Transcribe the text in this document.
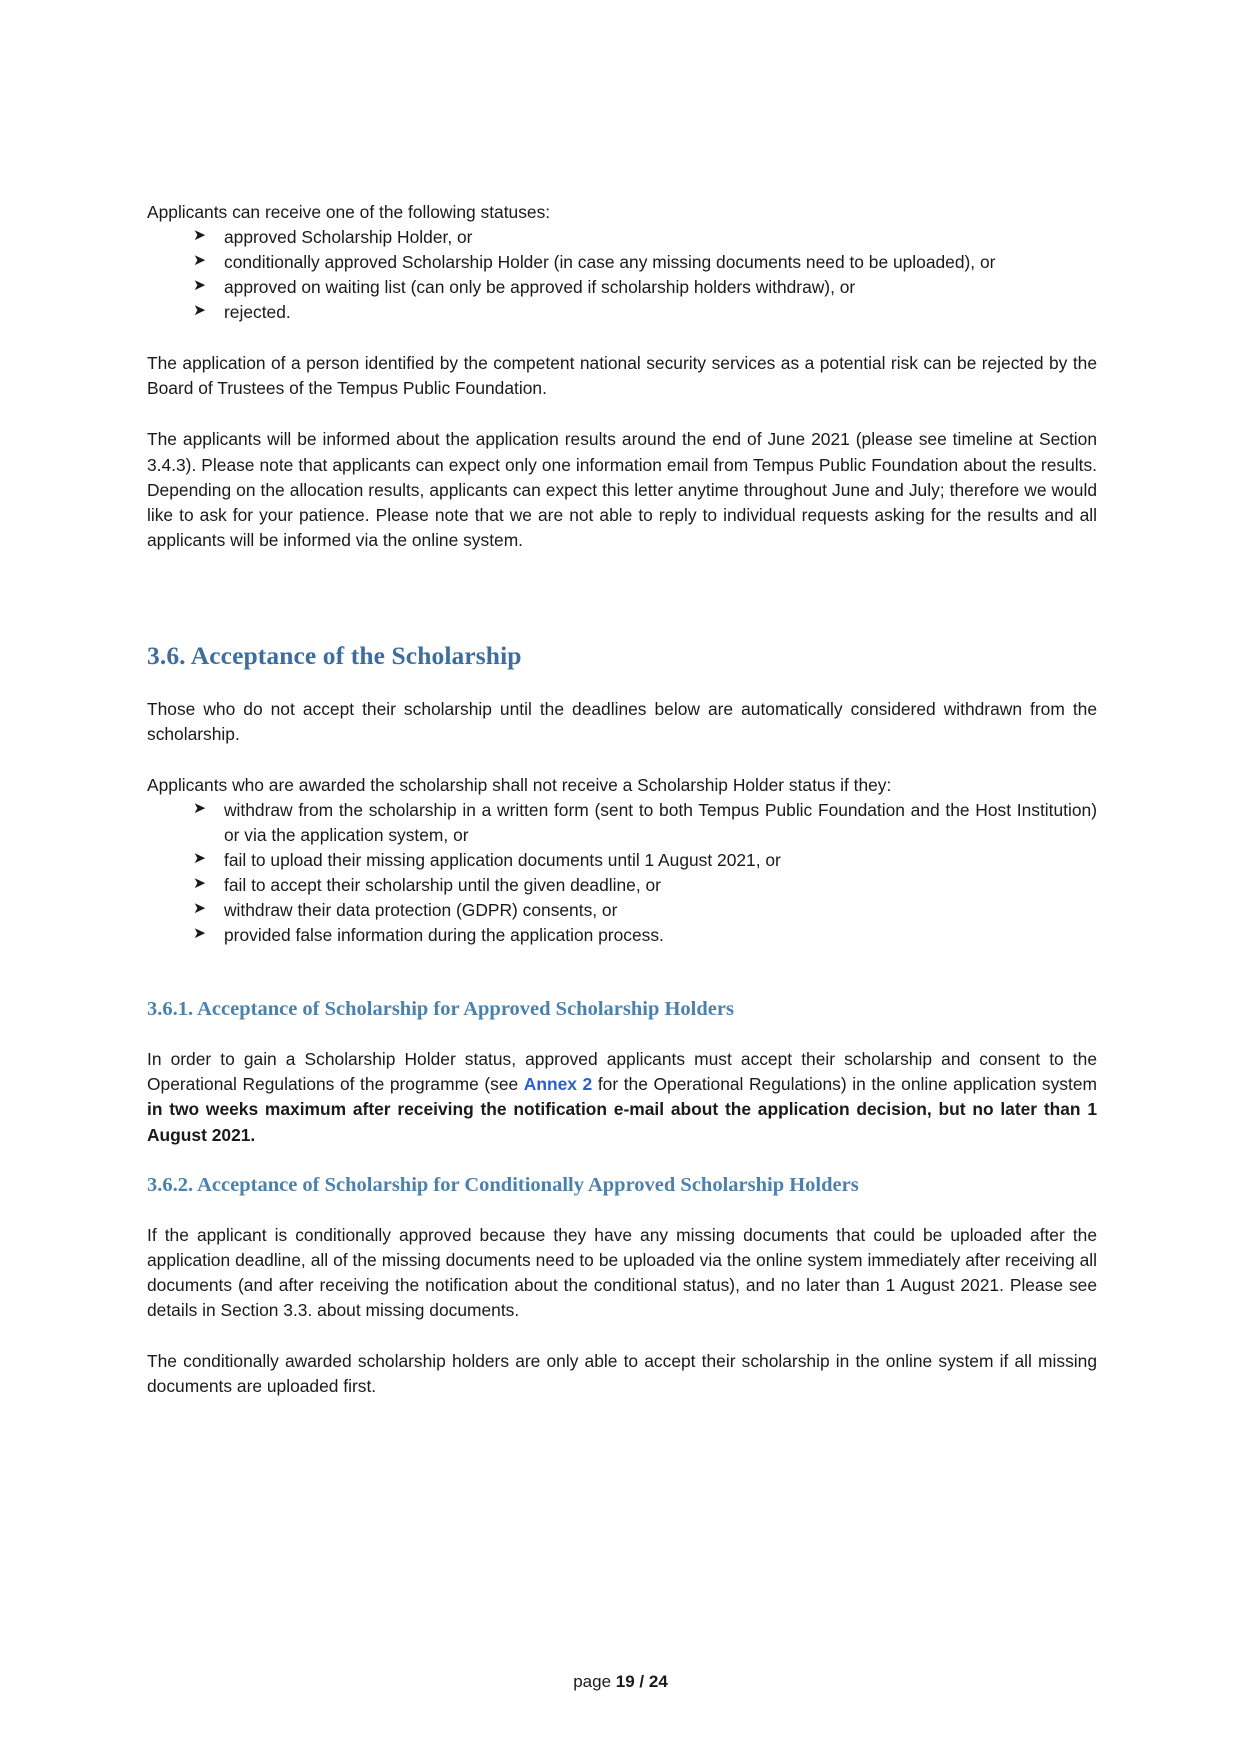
Applicants can receive one of the following statuses:

➤ approved Scholarship Holder, or
➤ conditionally approved Scholarship Holder (in case any missing documents need to be uploaded), or
➤ approved on waiting list (can only be approved if scholarship holders withdraw), or
➤ rejected.

The application of a person identified by the competent national security services as a potential risk can be rejected by the Board of Trustees of the Tempus Public Foundation.

The applicants will be informed about the application results around the end of June 2021 (please see timeline at Section 3.4.3). Please note that applicants can expect only one information email from Tempus Public Foundation about the results. Depending on the allocation results, applicants can expect this letter anytime throughout June and July; therefore we would like to ask for your patience. Please note that we are not able to reply to individual requests asking for the results and all applicants will be informed via the online system.

3.6. Acceptance of the Scholarship

Those who do not accept their scholarship until the deadlines below are automatically considered withdrawn from the scholarship.

Applicants who are awarded the scholarship shall not receive a Scholarship Holder status if they:

➤ withdraw from the scholarship in a written form (sent to both Tempus Public Foundation and the Host Institution) or via the application system, or
➤ fail to upload their missing application documents until 1 August 2021, or
➤ fail to accept their scholarship until the given deadline, or
➤ withdraw their data protection (GDPR) consents, or
➤ provided false information during the application process.
3.6.1. Acceptance of Scholarship for Approved Scholarship Holders

In order to gain a Scholarship Holder status, approved applicants must accept their scholarship and consent to the Operational Regulations of the programme (see Annex 2 for the Operational Regulations) in the online application system in two weeks maximum after receiving the notification e-mail about the application decision, but no later than 1 August 2021.

3.6.2. Acceptance of Scholarship for Conditionally Approved Scholarship Holders

If the applicant is conditionally approved because they have any missing documents that could be uploaded after the application deadline, all of the missing documents need to be uploaded via the online system immediately after receiving all documents (and after receiving the notification about the conditional status), and no later than 1 August 2021. Please see details in Section 3.3. about missing documents.

The conditionally awarded scholarship holders are only able to accept their scholarship in the online system if all missing documents are uploaded first.

page 19 / 24
